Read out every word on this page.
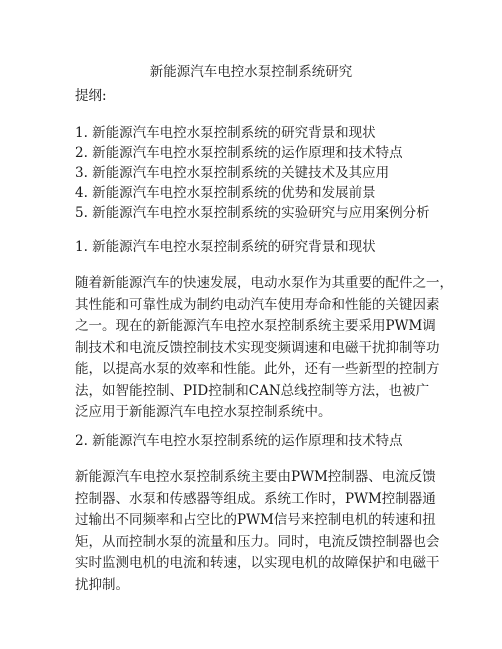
新能源汽车电控水泵控制系统研究
提纲:
1. 新能源汽车电控水泵控制系统的研究背景和现状
2. 新能源汽车电控水泵控制系统的运作原理和技术特点
3. 新能源汽车电控水泵控制系统的关键技术及其应用
4. 新能源汽车电控水泵控制系统的优势和发展前景
5. 新能源汽车电控水泵控制系统的实验研究与应用案例分析
1. 新能源汽车电控水泵控制系统的研究背景和现状
随着新能源汽车的快速发展，电动水泵作为其重要的配件之一，
其性能和可靠性成为制约电动汽车使用寿命和性能的关键因素
之一。现在的新能源汽车电控水泵控制系统主要采用PWM调
制技术和电流反馈控制技术实现变频调速和电磁干扰抑制等功
能，以提高水泵的效率和性能。此外，还有一些新型的控制方
法，如智能控制、PID控制和CAN总线控制等方法，也被广
泛应用于新能源汽车电控水泵控制系统中。
2. 新能源汽车电控水泵控制系统的运作原理和技术特点
新能源汽车电控水泵控制系统主要由PWM控制器、电流反馈
控制器、水泵和传感器等组成。系统工作时，PWM控制器通
过输出不同频率和占空比的PWM信号来控制电机的转速和扭
矩，从而控制水泵的流量和压力。同时，电流反馈控制器也会
实时监测电机的电流和转速，以实现电机的故障保护和电磁干
扰抑制。
